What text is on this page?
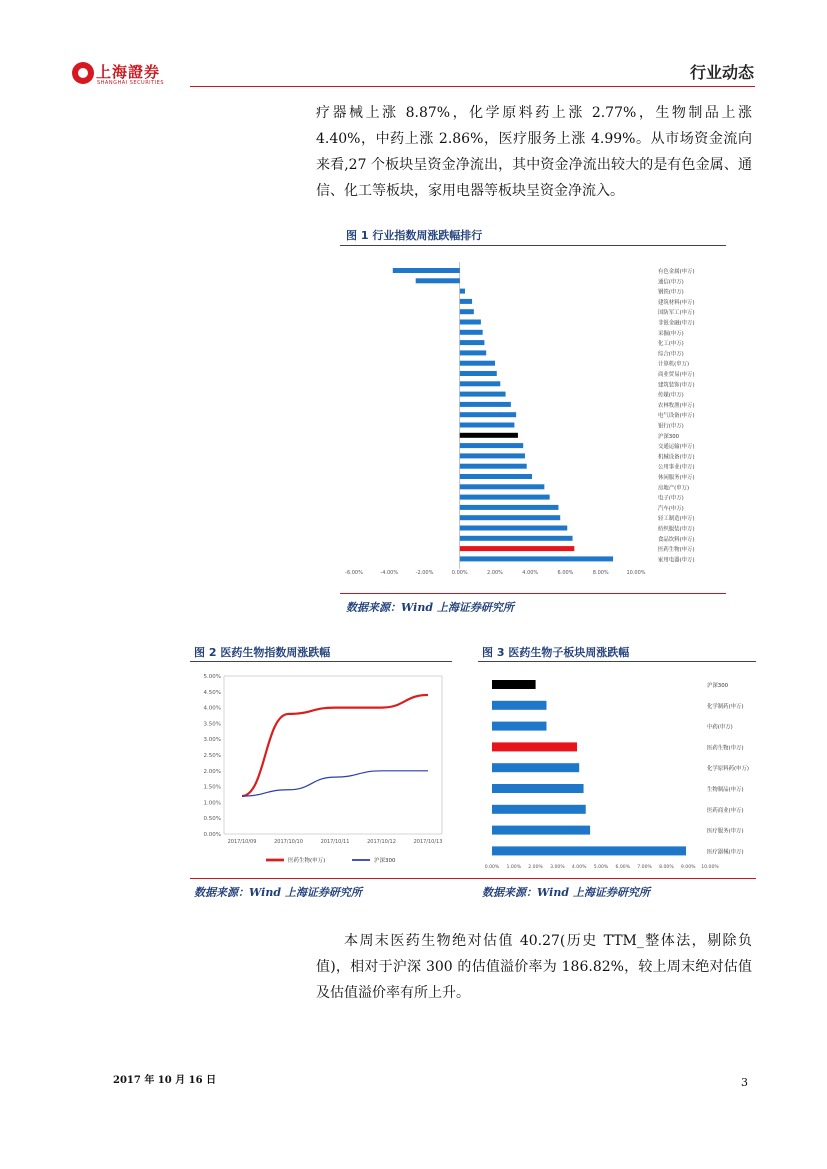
上海證券
SHANGHAI SECURITIES
行业动态

疗器械上涨 8.87%，化学原料药上涨 2.77%，生物制品上涨 4.40%，中药上涨 2.86%，医疗服务上涨 4.99%。从市场资金流向来看,27 个板块呈资金净流出，其中资金净流出较大的是有色金属、通信、化工等板块，家用电器等板块呈资金净流入。

图 1 行业指数周涨跌幅排行
有色金属(申万)
通信(申万)
钢铁(申万)
建筑材料(申万)
国防军工(申万)
非银金融(申万)
采掘(申万)
化工(申万)
综合(申万)
计算机(申万)
商业贸易(申万)
建筑装饰(申万)
传媒(申万)
农林牧渔(申万)
电气设备(申万)
银行(申万)
沪深300
交通运输(申万)
机械设备(申万)
公用事业(申万)
休闲服务(申万)
房地产(申万)
电子(申万)
汽车(申万)
轻工制造(申万)
纺织服装(申万)
食品饮料(申万)
医药生物(申万)
家用电器(申万)
-6.00%	-4.00%	-2.00%	0.00%	2.00%	4.00%	6.00%	8.00%	10.00%
数据来源：Wind 上海证券研究所
图 2 医药生物指数周涨跌幅	图 3 医药生物子板块周涨跌幅
0.00%
0.50%
1.00%
1.50%
2.00%
2.50%
3.00%
3.50%
4.00%
4.50%
5.00%
2017/10/09	2017/10/10	2017/10/11	2017/10/12	2017/10/13
医药生物(申万)	沪深300
沪深300
化学制药(申万)
中药(申万)
医药生物(申万)
化学原料药(申万)
生物制品(申万)
医药商业(申万)
医疗服务(申万)
医疗器械(申万)
0.00% 1.00% 2.00% 3.00% 4.00% 5.00% 6.00% 7.00% 8.00% 9.00% 10.00%
数据来源：Wind 上海证券研究所	数据来源：Wind 上海证券研究所

本周末医药生物绝对估值 40.27(历史 TTM_整体法，剔除负值)，相对于沪深 300 的估值溢价率为 186.82%，较上周末绝对估值及估值溢价率有所上升。

2017 年 10 月 16 日	3
